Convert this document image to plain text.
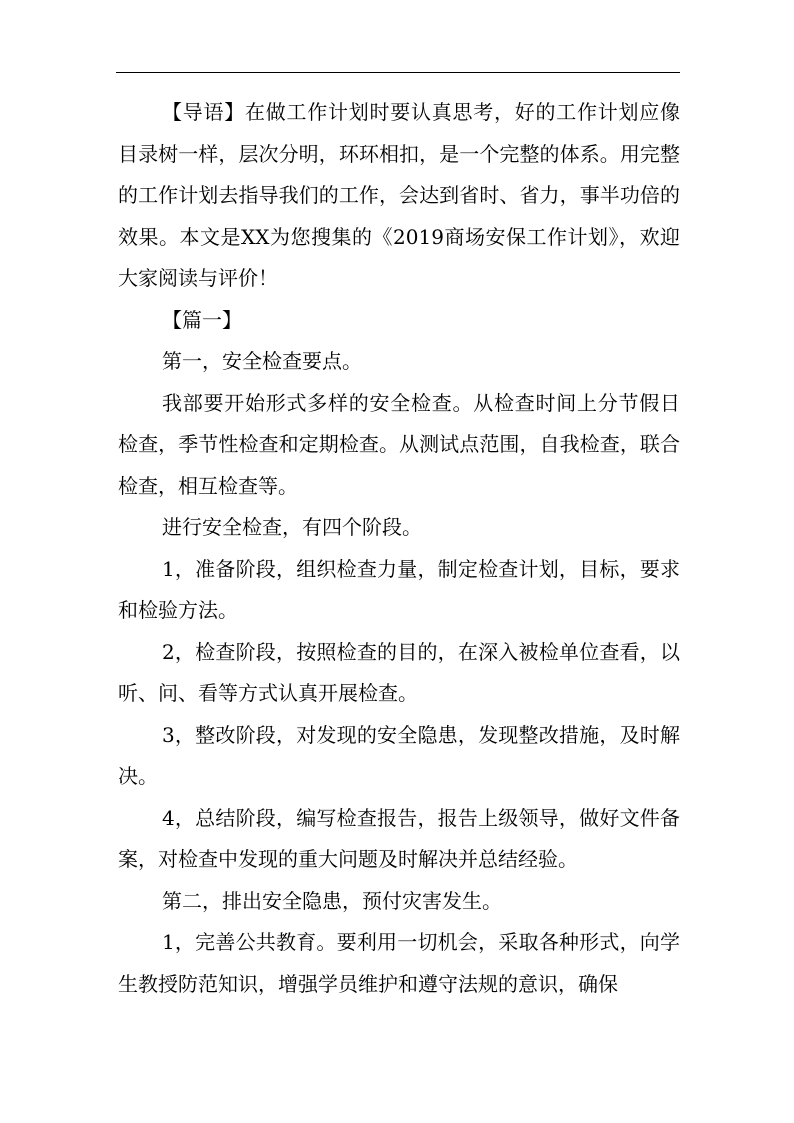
【导语】在做工作计划时要认真思考，好的工作计划应像目录树一样，层次分明，环环相扣，是一个完整的体系。用完整的工作计划去指导我们的工作，会达到省时、省力，事半功倍的效果。本文是XX为您搜集的《2019商场安保工作计划》，欢迎大家阅读与评价！

【篇一】

第一，安全检查要点。

我部要开始形式多样的安全检查。从检查时间上分节假日检查，季节性检查和定期检查。从测试点范围，自我检查，联合检查，相互检查等。

进行安全检查，有四个阶段。

1，准备阶段，组织检查力量，制定检查计划，目标，要求和检验方法。

2，检查阶段，按照检查的目的，在深入被检单位查看，以听、问、看等方式认真开展检查。

3，整改阶段，对发现的安全隐患，发现整改措施，及时解决。

4，总结阶段，编写检查报告，报告上级领导，做好文件备案，对检查中发现的重大问题及时解决并总结经验。

第二，排出安全隐患，预付灾害发生。

1，完善公共教育。要利用一切机会，采取各种形式，向学生教授防范知识，增强学员维护和遵守法规的意识，确保
